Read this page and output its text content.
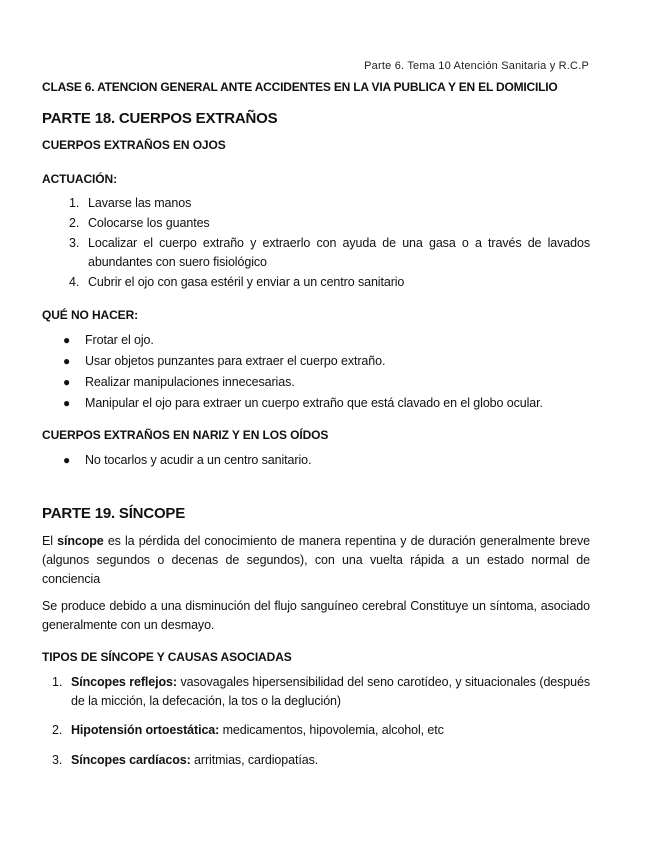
Parte 6. Tema 10 Atención Sanitaria y R.C.P
CLASE 6. ATENCION GENERAL ANTE ACCIDENTES EN LA VIA PUBLICA Y EN EL DOMICILIO
PARTE 18. CUERPOS EXTRAÑOS
CUERPOS EXTRAÑOS EN OJOS
ACTUACIÓN:
1. Lavarse las manos
2. Colocarse los guantes
3. Localizar el cuerpo extraño y extraerlo con ayuda de una gasa o a través de lavados abundantes con suero fisiológico
4. Cubrir el ojo con gasa estéril y enviar a un centro sanitario
QUÉ NO HACER:
● Frotar el ojo.
● Usar objetos punzantes para extraer el cuerpo extraño.
● Realizar manipulaciones innecesarias.
● Manipular el ojo para extraer un cuerpo extraño que está clavado en el globo ocular.
CUERPOS EXTRAÑOS EN NARIZ Y EN LOS OÍDOS
● No tocarlos y acudir a un centro sanitario.
PARTE 19. SÍNCOPE
El síncope es la pérdida del conocimiento de manera repentina y de duración generalmente breve (algunos segundos o decenas de segundos), con una vuelta rápida a un estado normal de conciencia
Se produce debido a una disminución del flujo sanguíneo cerebral Constituye un síntoma, asociado generalmente con un desmayo.
TIPOS DE SÍNCOPE Y CAUSAS ASOCIADAS
1. Síncopes reflejos: vasovagales hipersensibilidad del seno carotídeo, y situacionales (después de la micción, la defecación, la tos o la deglución)
2. Hipotensión ortoestática: medicamentos, hipovolemia, alcohol, etc
3. Síncopes cardíacos: arritmias, cardiopatías.
